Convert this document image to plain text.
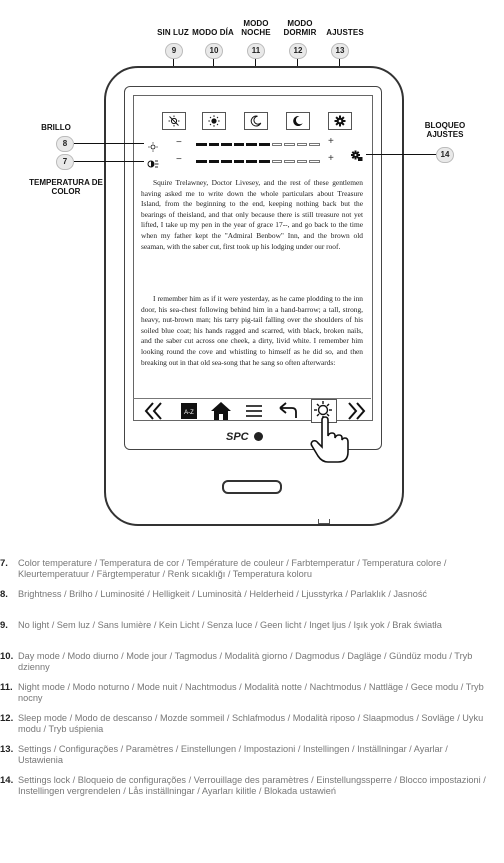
SIN LUZ MODO DÍA
MODO NOCHE
MODO DORMIR	AJUSTES
9	10	11	12	13
−	+
−	+
Squire Trelawney, Doctor Livesey, and the rest of these gentlemen having asked me to write down the whole particulars about Treasure Island, from the beginning to the end, keeping nothing back but the bearings of theisland, and that only because there is still treasure not yet lifted, I take up my pen in the year of grace 17--, and go back to the time when my father kept the "Admiral Benbow" Inn, and the brown old seaman, with the saber cut, first took up his lodging under our roof.
I remember him as if it were yesterday, as he came plodding to the inn door, his sea-chest following behind him in a hand-barrow; a tall, strong, heavy, nut-brown man; his tarry pig-tail falling over the shoulders of his soiled blue coat; his hands ragged and scarred, with black, broken nails, and the saber cut across one cheek, a dirty, livid white. I remember him looking round the cove and whistling to himself as he did so, and then breaking out in that old sea-song that he sang so often afterwards:
A-Z
SPC
BRILLO
8
7
TEMPERATURA DE COLOR
BLOQUEO AJUSTES
14
7.	Color temperature / Temperatura de cor / Température de couleur / Farbtemperatur / Temperatura colore / Kleurtemperatuur / Färgtemperatur / Renk sıcaklığı / Temperatura koloru
8.	Brightness / Brilho / Luminosité / Helligkeit / Luminosità / Helderheid / Ljusstyrka / Parlaklık / Jasność
9.	No light / Sem luz / Sans lumière / Kein Licht / Senza luce / Geen licht / Inget ljus / Işık yok / Brak światła
10. Day mode / Modo diurno / Mode jour / Tagmodus / Modalità giorno / Dagmodus / Dagläge / Gündüz modu / Tryb dzienny
11. Night mode / Modo noturno / Mode nuit / Nachtmodus / Modalità notte / Nachtmodus / Nattläge / Gece modu / Tryb nocny
12. Sleep mode / Modo de descanso / Mozde sommeil / Schlafmodus / Modalità riposo / Slaapmodus / Sovläge / Uyku modu / Tryb uśpienia
13. Settings / Configurações / Paramètres / Einstellungen / Impostazioni / Instellingen / Inställningar / Ayarlar / Ustawienia
14. Settings lock / Bloqueio de configurações / Verrouillage des paramètres / Einstellungssperre / Blocco impostazioni / Instellingen vergrendelen / Lås inställningar / Ayarları kilitle / Blokada ustawień
